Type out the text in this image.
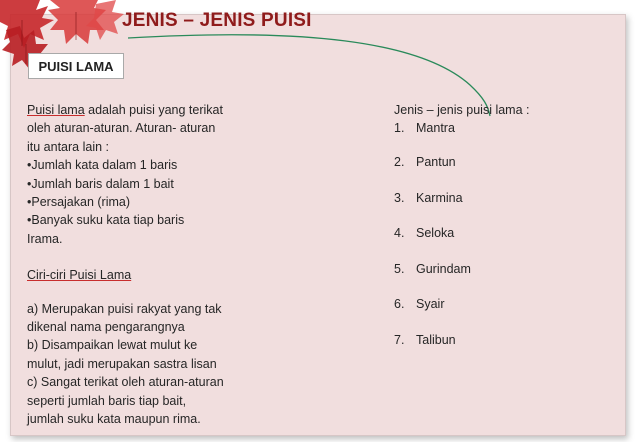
JENIS – JENIS PUISI
PUISI LAMA
Puisi lama adalah puisi yang terikat
oleh aturan-aturan. Aturan- aturan
itu antara lain :
•Jumlah kata dalam 1 baris
•Jumlah baris dalam 1 bait
•Persajakan (rima)
•Banyak suku kata tiap baris
Irama.
Ciri-ciri Puisi Lama
a) Merupakan puisi rakyat yang tak
dikenal nama pengarangnya
b) Disampaikan lewat mulut ke
mulut, jadi merupakan sastra lisan
c) Sangat terikat oleh aturan-aturan
seperti jumlah baris tiap bait,
jumlah suku kata maupun rima.
Jenis – jenis puisi lama :
1. Mantra
2. Pantun
3. Karmina
4. Seloka
5. Gurindam
6. Syair
7. Talibun
